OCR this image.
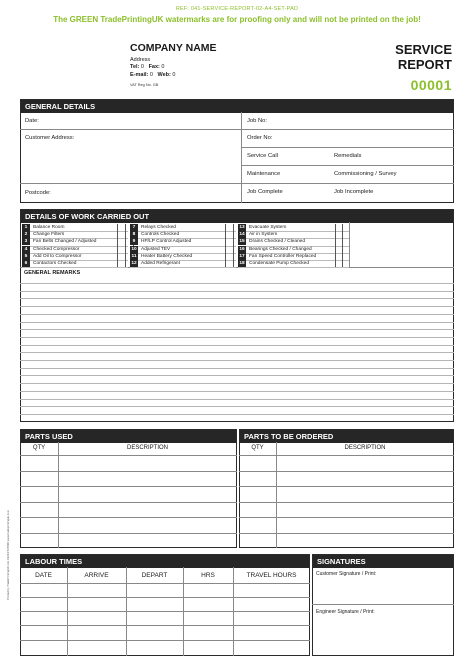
REF: 041-SERVICE-REPORT-02-A4-SET-PAD
The GREEN TradePrintingUK watermarks are for proofing only and will not be printed on the job!
COMPANY NAME
Address
Tel: 0 Fax: 0
E-mail: 0 Web: 0
VAT Reg No. GB
SERVICE
REPORT
00001
GENERAL DETAILS
Date:
Customer Address:
Postcode:
Job No:
Order No:
Service Call	Remedials
Maintenance	Commissioning / Survey
Job Complete	Job Incomplete
DETAILS OF WORK CARRIED OUT
1	Balance Room
2	Change Filters
3	Fan Belts Changed / Adjusted
4	Checked Compressor
5	Add Oil to Compressor
6	Contactors Checked
7	Relays Checked
8	Controls Checked
9	HP/LP Control Adjusted
10 Adjusted TEV
11 Heater Battery Checked
12 Added Refrigerant
13 Evacuate System
14 Air in System
15 Drains Checked / Cleaned
16 Bearings Checked / Changed
17 Fan Speed Controller Replaced
18 Condensate Pump Checked
GENERAL REMARKS
PARTS USED
QTY	DESCRIPTION
PARTS TO BE ORDERED
QTY	DESCRIPTION
LABOUR TIMES
DATE	ARRIVE	DEPART	HRS	TRAVEL HOURS
SIGNATURES
Customer Signature / Print:
Engineer Signature / Print:
Printed by TradePrintingUK Ltd. 01234 567890 www.tradeprintinguk.com
